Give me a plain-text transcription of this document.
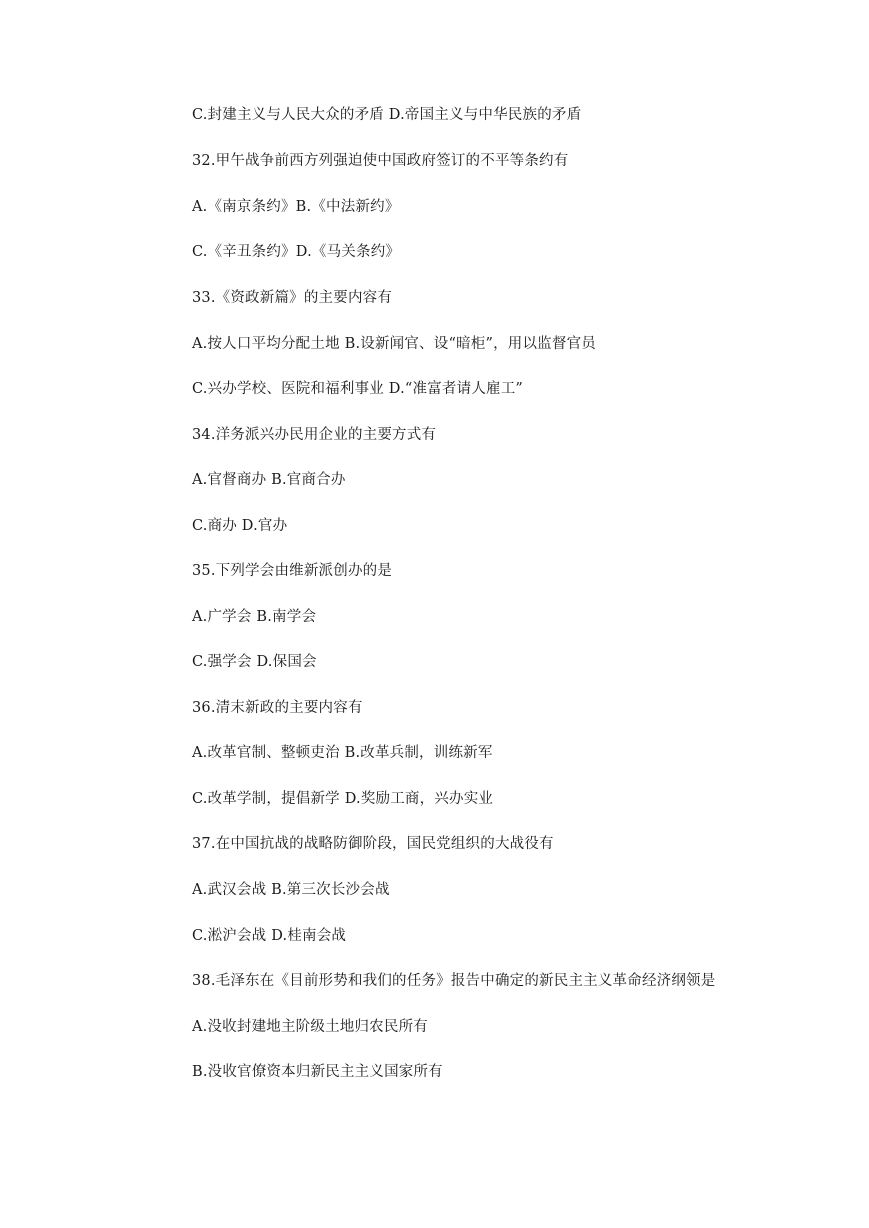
C.封建主义与人民大众的矛盾 D.帝国主义与中华民族的矛盾
32.甲午战争前西方列强迫使中国政府签订的不平等条约有
A.《南京条约》B.《中法新约》
C.《辛丑条约》D.《马关条约》
33.《资政新篇》的主要内容有
A.按人口平均分配土地 B.设新闻官、设“暗柜”，用以监督官员
C.兴办学校、医院和福利事业 D.“准富者请人雇工”
34.洋务派兴办民用企业的主要方式有
A.官督商办 B.官商合办
C.商办 D.官办
35.下列学会由维新派创办的是
A.广学会 B.南学会
C.强学会 D.保国会
36.清末新政的主要内容有
A.改革官制、整顿吏治 B.改革兵制，训练新军
C.改革学制，提倡新学 D.奖励工商，兴办实业
37.在中国抗战的战略防御阶段，国民党组织的大战役有
A.武汉会战 B.第三次长沙会战
C.淞沪会战 D.桂南会战
38.毛泽东在《目前形势和我们的任务》报告中确定的新民主主义革命经济纲领是
A.没收封建地主阶级土地归农民所有
B.没收官僚资本归新民主主义国家所有
